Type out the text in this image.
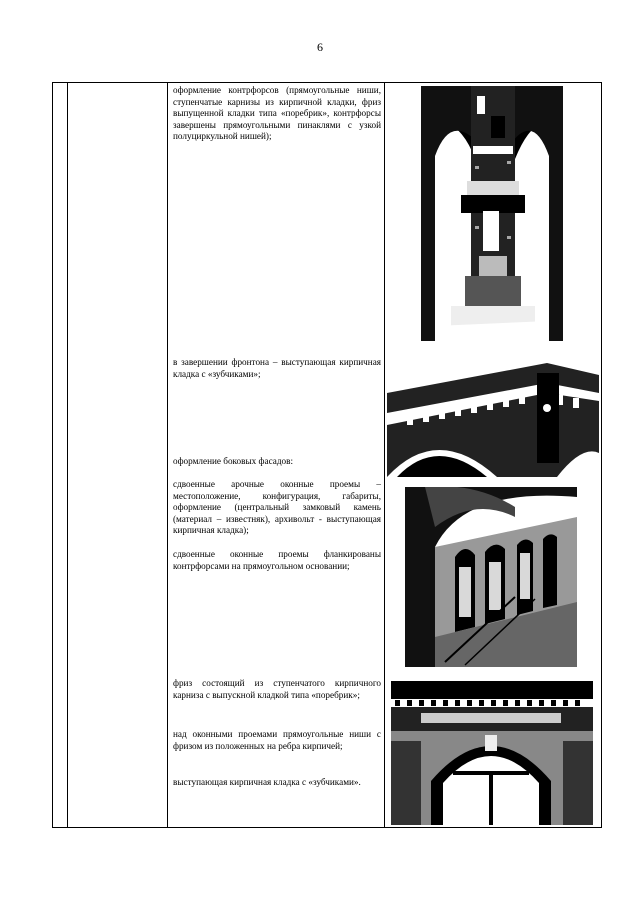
6

оформление контрфорсов (прямоугольные ниши, ступенчатые карнизы из кирпичной кладки, фриз выпущенной кладки типа «поребрик», контрфорсы завершены прямоугольными пинаклями с узкой полуциркульной нишей);

в завершении фронтона – выступающая кирпичная кладка с «зубчиками»;

оформление боковых фасадов:

сдвоенные арочные оконные проемы – местоположение, конфигурация, габариты, оформление (центральный замковый камень (материал – известняк), архивольт - выступающая кирпичная кладка);

сдвоенные оконные проемы фланкированы контрфорсами на прямоугольном основании;

фриз состоящий из ступенчатого кирпичного карниза с выпускной кладкой типа «поребрик»;

над оконными проемами прямоугольные ниши с фризом из положенных на ребра кирпичей;

выступающая кирпичная кладка с «зубчиками».
